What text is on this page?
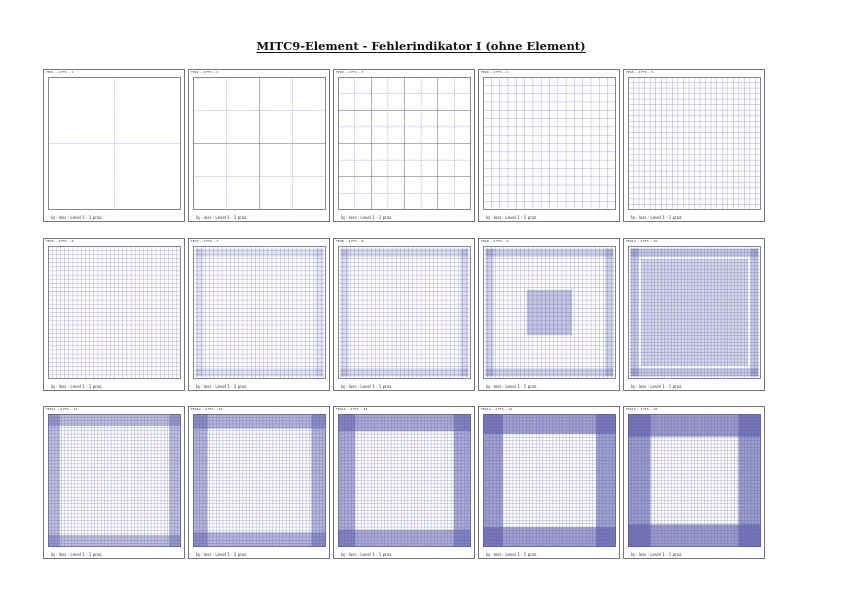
MITC9-Element - Fehlerindikator I (ohne Element)
TEX1 ... 2 FTS ... 1
Iq - loss - Level 1 - 1 proz.
TEX2 ... 2 FTS ... 2
Iq - loss - Level 1 - 1 proz.
TEX3 ... 2 FTS ... 3
Iq - loss - Level 1 - 1 proz.
TEX4 ... 2 FTS ... 4
Iq - loss - Level 1 - 1 proz.
TEX5 ... 2 FTS ... 5
Iq - loss - Level 1 - 1 proz.
TEX6 ... 2 FTS ... 6
Iq - loss - Level 1 - 1 proz.
TEX7 ... 2 FTS ... 7
Iq - loss - Level 1 - 1 proz.
TEX8 ... 2 FTS ... 8
Iq - loss - Level 1 - 1 proz.
TEX9 ... 2 FTS ... 9
Iq - loss - Level 1 - 1 proz.
TEX10 ... 2 FTS ... 10
Iq - loss - Level 1 - 1 proz.
TEX11 ... 2 FTS ... 11
Iq - loss - Level 1 - 1 proz.
TEX12 ... 2 FTS ... 12
Iq - loss - Level 1 - 1 proz.
TEX13 ... 2 FTS ... 13
Iq - loss - Level 1 - 1 proz.
TEX14 ... 2 FTS ... 14
Iq - loss - Level 1 - 1 proz.
TEX15 ... 2 FTS ... 15
Iq - loss - Level 1 - 1 proz.
